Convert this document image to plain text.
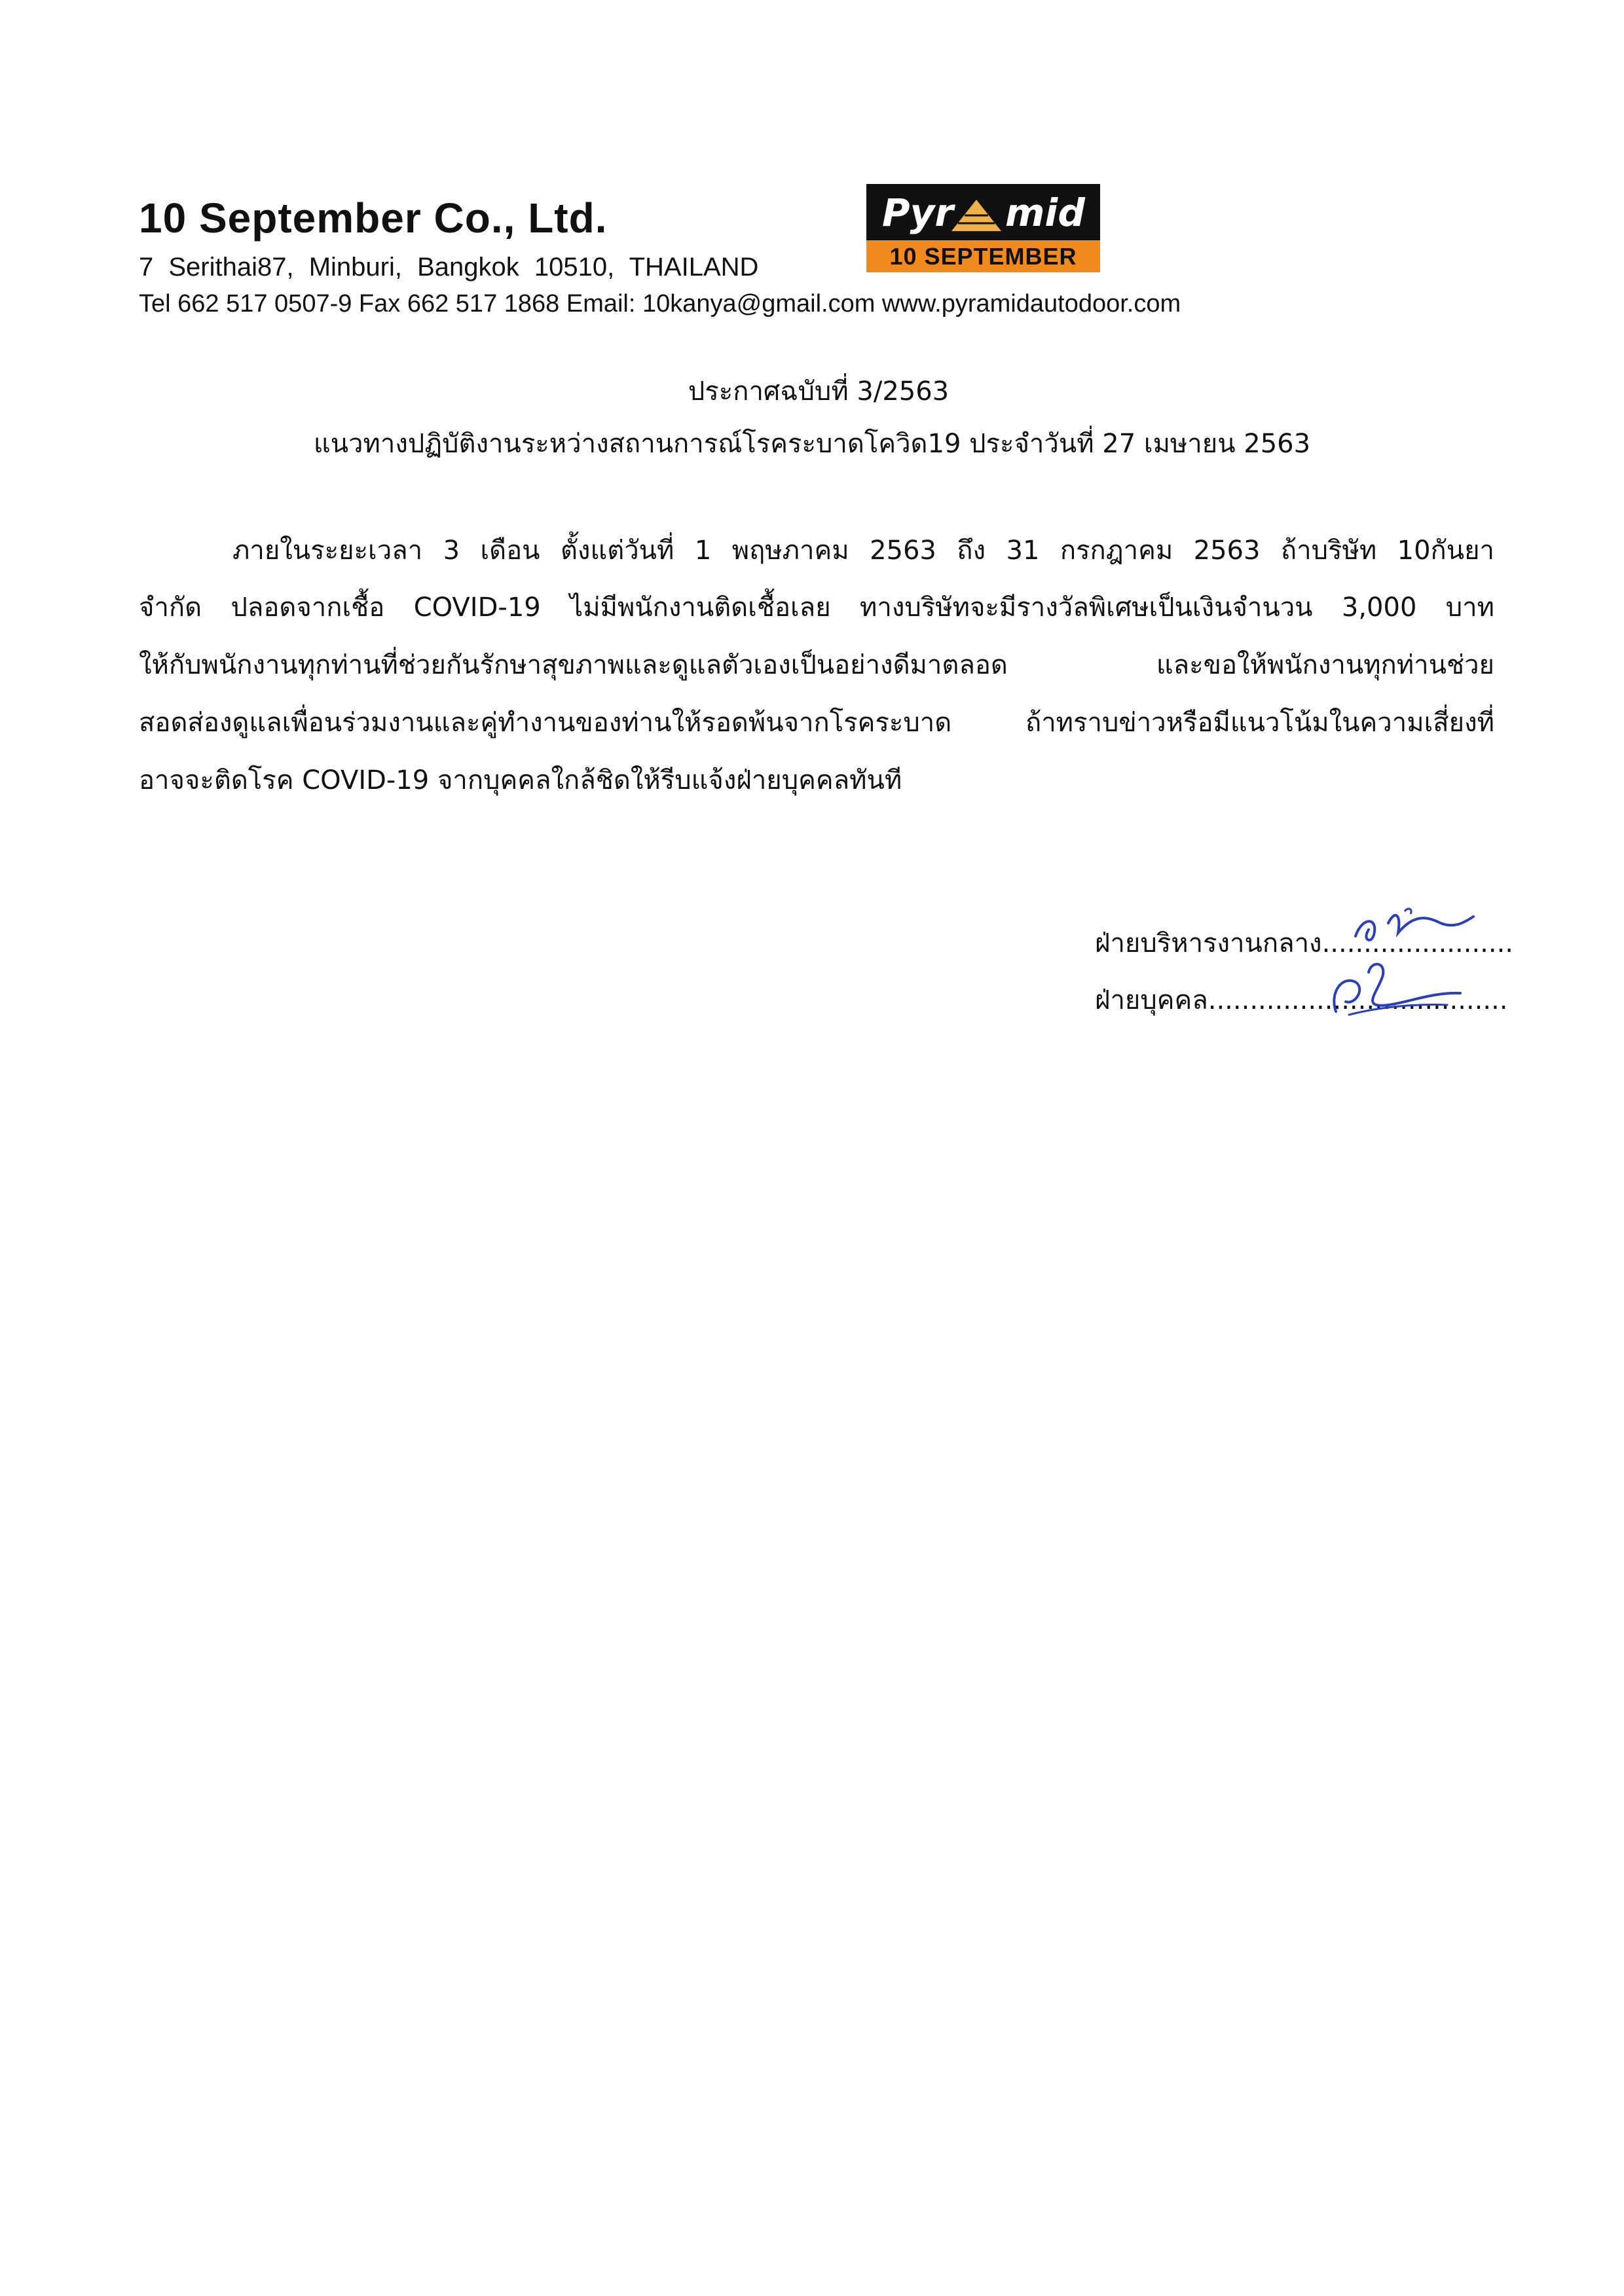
10 September Co., Ltd.
7 Serithai87, Minburi, Bangkok 10510, THAILAND
Tel 662 517 0507-9 Fax 662 517 1868 Email: 10kanya@gmail.com www.pyramidautodoor.com
Pyr mid
10 SEPTEMBER
ประกาศฉบับที่ 3/2563
แนวทางปฏิบัติงานระหว่างสถานการณ์โรคระบาดโควิด19 ประจำวันที่ 27 เมษายน 2563
ภายในระยะเวลา 3 เดือน ตั้งแต่วันที่ 1 พฤษภาคม 2563 ถึง 31 กรกฎาคม 2563 ถ้าบริษัท 10กันยา
จำกัด ปลอดจากเชื้อ COVID-19 ไม่มีพนักงานติดเชื้อเลย ทางบริษัทจะมีรางวัลพิเศษเป็นเงินจำนวน 3,000 บาท
ให้กับพนักงานทุกท่านที่ช่วยกันรักษาสุขภาพและดูแลตัวเองเป็นอย่างดีมาตลอด และขอให้พนักงานทุกท่านช่วย
สอดส่องดูแลเพื่อนร่วมงานและคู่ทำงานของท่านให้รอดพ้นจากโรคระบาด ถ้าทราบข่าวหรือมีแนวโน้มในความเสี่ยงที่
อาจจะติดโรค COVID-19 จากบุคคลใกล้ชิดให้รีบแจ้งฝ่ายบุคคลทันที
ฝ่ายบริหารงานกลาง.......................
ฝ่ายบุคคล....................................
